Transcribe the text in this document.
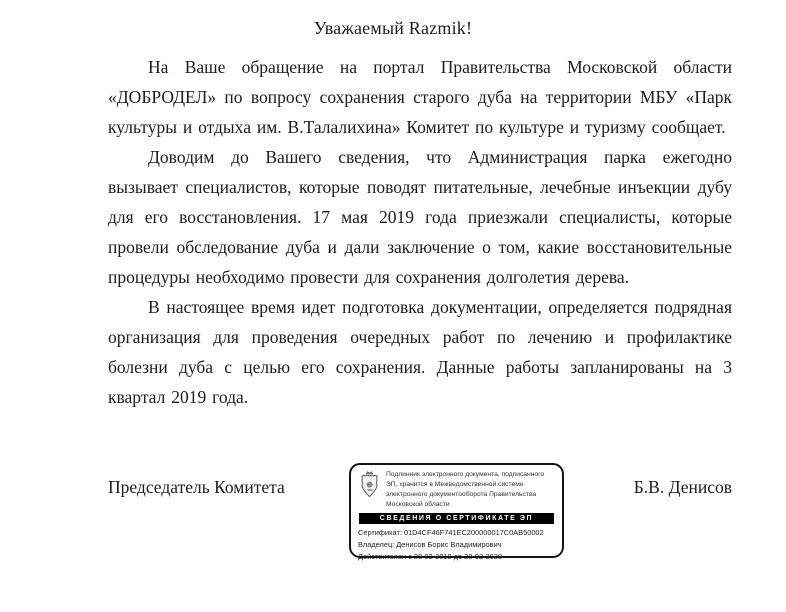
Уважаемый Razmik!

На Ваше обращение на портал Правительства Московской области «ДОБРОДЕЛ» по вопросу сохранения старого дуба на территории МБУ «Парк культуры и отдыха им. В.Талалихина» Комитет по культуре и туризму сообщает.

Доводим до Вашего сведения, что Администрация парка ежегодно вызывает специалистов, которые поводят питательные, лечебные инъекции дубу для его восстановления. 17 мая 2019 года приезжали специалисты, которые провели обследование дуба и дали заключение о том, какие восстановительные процедуры необходимо провести для сохранения долголетия дерева.

В настоящее время идет подготовка документации, определяется подрядная организация для проведения очередных работ по лечению и профилактике болезни дуба с целью его сохранения. Данные работы запланированы на 3 квартал 2019 года.

Председатель Комитета	Б.В. Денисов
Подлинник электронного документа, подписанного ЭП, хранится в Межведомственной системе электронного документооборота Правительства Московской области
СВЕДЕНИЯ О СЕРТИФИКАТЕ ЭП
Сертификат: 01D4CF46F741EC200000017C0AB50002
Владелец: Денисов Борис Владимирович
Действителен с 28-02-2019 до 28-02-2020
